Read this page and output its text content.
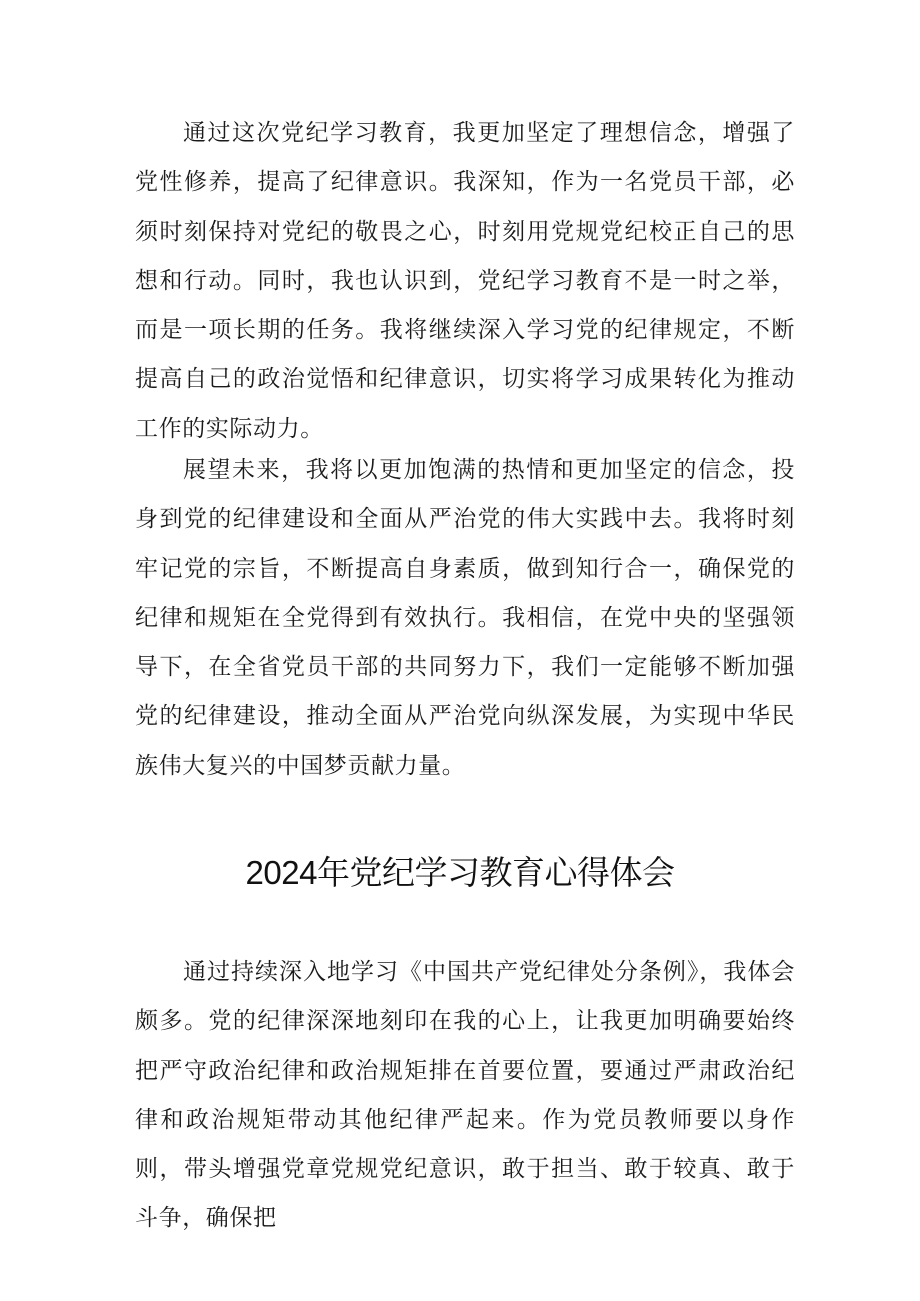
通过这次党纪学习教育，我更加坚定了理想信念，增强了党性修养，提高了纪律意识。我深知，作为一名党员干部，必须时刻保持对党纪的敬畏之心，时刻用党规党纪校正自己的思想和行动。同时，我也认识到，党纪学习教育不是一时之举，而是一项长期的任务。我将继续深入学习党的纪律规定，不断提高自己的政治觉悟和纪律意识，切实将学习成果转化为推动工作的实际动力。

展望未来，我将以更加饱满的热情和更加坚定的信念，投身到党的纪律建设和全面从严治党的伟大实践中去。我将时刻牢记党的宗旨，不断提高自身素质，做到知行合一，确保党的纪律和规矩在全党得到有效执行。我相信，在党中央的坚强领导下，在全省党员干部的共同努力下，我们一定能够不断加强党的纪律建设，推动全面从严治党向纵深发展，为实现中华民族伟大复兴的中国梦贡献力量。

2024年党纪学习教育心得体会

通过持续深入地学习《中国共产党纪律处分条例》，我体会颇多。党的纪律深深地刻印在我的心上，让我更加明确要始终把严守政治纪律和政治规矩排在首要位置，要通过严肃政治纪律和政治规矩带动其他纪律严起来。作为党员教师要以身作则，带头增强党章党规党纪意识，敢于担当、敢于较真、敢于斗争，确保把
